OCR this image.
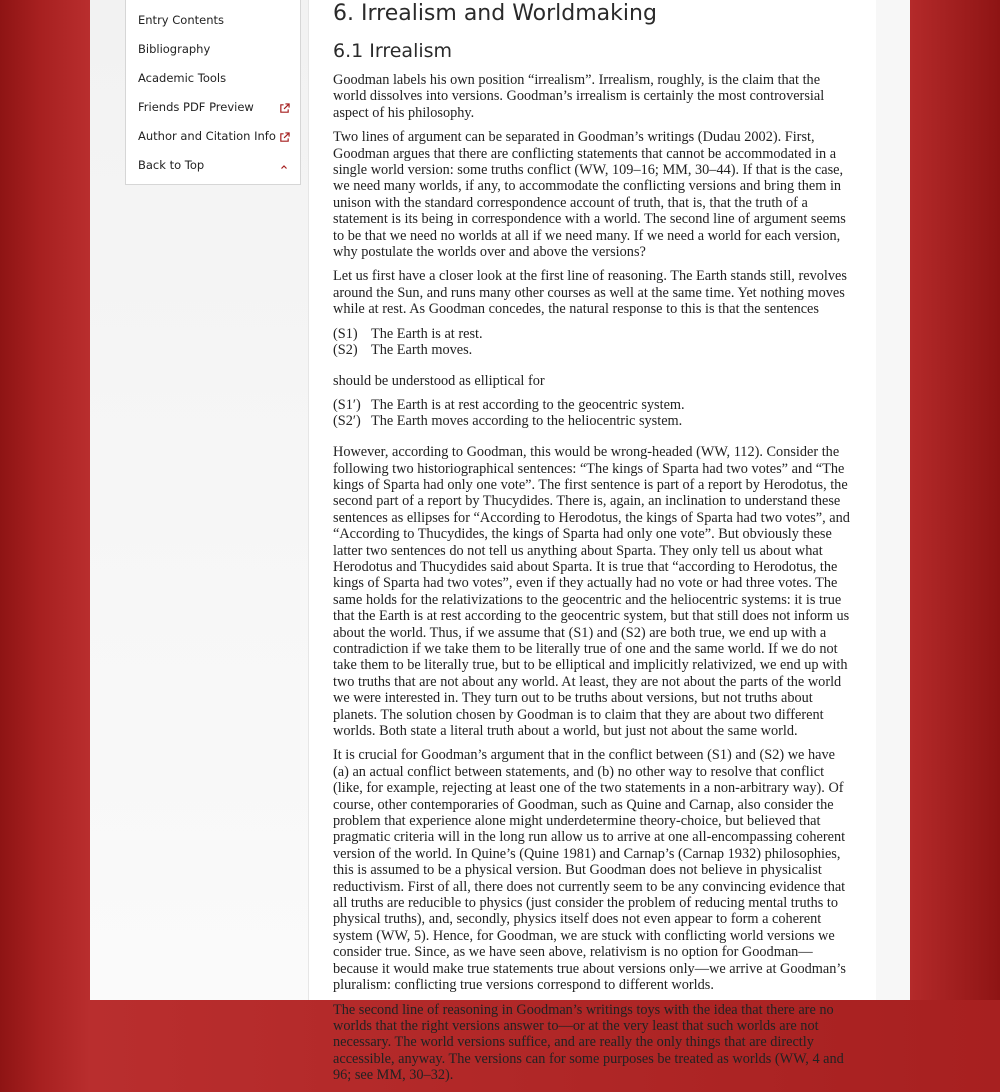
Entry Contents
Bibliography
Academic Tools
Friends PDF Preview
Author and Citation Info
Back to Top
6. Irrealism and Worldmaking
6.1 Irrealism

Goodman labels his own position “irrealism”. Irrealism, roughly, is the claim that the world dissolves into versions. Goodman’s irrealism is certainly the most controversial aspect of his philosophy.

Two lines of argument can be separated in Goodman’s writings (Dudau 2002). First, Goodman argues that there are conflicting statements that cannot be accommodated in a single world version: some truths conflict (WW, 109–16; MM, 30–44). If that is the case, we need many worlds, if any, to accommodate the conflicting versions and bring them in unison with the standard correspondence account of truth, that is, that the truth of a statement is its being in correspondence with a world. The second line of argument seems to be that we need no worlds at all if we need many. If we need a world for each version, why postulate the worlds over and above the versions?

Let us first have a closer look at the first line of reasoning. The Earth stands still, revolves around the Sun, and runs many other courses as well at the same time. Yet nothing moves while at rest. As Goodman concedes, the natural response to this is that the sentences

(S1) The Earth is at rest.
(S2) The Earth moves.

should be understood as elliptical for

(S1′) The Earth is at rest according to the geocentric system.
(S2′) The Earth moves according to the heliocentric system.

However, according to Goodman, this would be wrong-headed (WW, 112). Consider the following two historiographical sentences: “The kings of Sparta had two votes” and “The kings of Sparta had only one vote”. The first sentence is part of a report by Herodotus, the second part of a report by Thucydides. There is, again, an inclination to understand these sentences as ellipses for “According to Herodotus, the kings of Sparta had two votes”, and “According to Thucydides, the kings of Sparta had only one vote”. But obviously these latter two sentences do not tell us anything about Sparta. They only tell us about what Herodotus and Thucydides said about Sparta. It is true that “according to Herodotus, the kings of Sparta had two votes”, even if they actually had no vote or had three votes. The same holds for the relativizations to the geocentric and the heliocentric systems: it is true that the Earth is at rest according to the geocentric system, but that still does not inform us about the world. Thus, if we assume that (S1) and (S2) are both true, we end up with a contradiction if we take them to be literally true of one and the same world. If we do not take them to be literally true, but to be elliptical and implicitly relativized, we end up with two truths that are not about any world. At least, they are not about the parts of the world we were interested in. They turn out to be truths about versions, but not truths about planets. The solution chosen by Goodman is to claim that they are about two different worlds. Both state a literal truth about a world, but just not about the same world.

It is crucial for Goodman’s argument that in the conflict between (S1) and (S2) we have (a) an actual conflict between statements, and (b) no other way to resolve that conflict (like, for example, rejecting at least one of the two statements in a non-arbitrary way). Of course, other contemporaries of Goodman, such as Quine and Carnap, also consider the problem that experience alone might underdetermine theory-choice, but believed that pragmatic criteria will in the long run allow us to arrive at one all-encompassing coherent version of the world. In Quine’s (Quine 1981) and Carnap’s (Carnap 1932) philosophies, this is assumed to be a physical version. But Goodman does not believe in physicalist reductivism. First of all, there does not currently seem to be any convincing evidence that all truths are reducible to physics (just consider the problem of reducing mental truths to physical truths), and, secondly, physics itself does not even appear to form a coherent system (WW, 5). Hence, for Goodman, we are stuck with conflicting world versions we consider true. Since, as we have seen above, relativism is no option for Goodman—because it would make true statements true about versions only—we arrive at Goodman’s pluralism: conflicting true versions correspond to different worlds.

The second line of reasoning in Goodman’s writings toys with the idea that there are no worlds that the right versions answer to—or at the very least that such worlds are not necessary. The world versions suffice, and are really the only things that are directly accessible, anyway. The versions can for some purposes be treated as worlds (WW, 4 and 96; see MM, 30–32).
